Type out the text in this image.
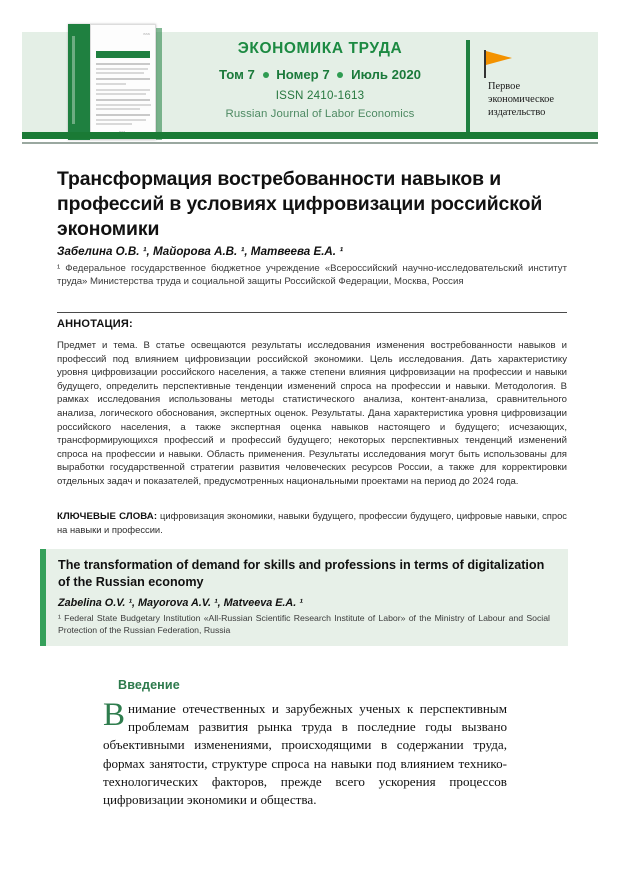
ISSN
ЭКОНОМИКА ТРУДА
Том 7 Номер 7 Июль 2020
ISSN 2410-1613
Russian Journal of Labor Economics
Первое
экономическое
издательство
Трансформация востребованности навыков и профессий в условиях цифровизации российской экономики
Забелина О.В. ¹, Майорова А.В. ¹, Матвеева Е.А. ¹
¹ Федеральное государственное бюджетное учреждение «Всероссийский научно-исследовательский институт труда» Министерства труда и социальной защиты Российской Федерации, Москва, Россия
АННОТАЦИЯ:
Предмет и тема. В статье освещаются результаты исследования изменения востребованности навыков и профессий под влиянием цифровизации российской экономики. Цель исследования. Дать характеристику уровня цифровизации российского населения, а также степени влияния цифровизации на профессии и навыки будущего, определить перспективные тенденции изменений спроса на профессии и навыки. Методология. В рамках исследования использованы методы статистического анализа, контент-анализа, сравнительного анализа, логического обоснования, экспертных оценок. Результаты. Дана характеристика уровня цифровизации российского населения, а также экспертная оценка навыков настоящего и будущего; исчезающих, трансформирующихся профессий и профессий будущего; некоторых перспективных тенденций изменений спроса на профессии и навыки. Область применения. Результаты исследования могут быть использованы для выработки государственной стратегии развития человеческих ресурсов России, а также для корректировки отдельных задач и показателей, предусмотренных национальными проектами на период до 2024 года.
КЛЮЧЕВЫЕ СЛОВА: цифровизация экономики, навыки будущего, профессии будущего, цифровые навыки, спрос на навыки и профессии.
The transformation of demand for skills and professions in terms of digitalization of the Russian economy
Zabelina O.V. ¹, Mayorova A.V. ¹, Matveeva E.A. ¹
¹ Federal State Budgetary Institution «All-Russian Scientific Research Institute of Labor» of the Ministry of Labour and Social Protection of the Russian Federation, Russia
Введение
Внимание отечественных и зарубежных ученых к перспективным проблемам развития рынка труда в последние годы вызвано объективными изменениями, происходящими в содержании труда, формах занятости, структуре спроса на навыки под влиянием технико-технологических факторов, прежде всего ускорения процессов цифровизации экономики и общества.
